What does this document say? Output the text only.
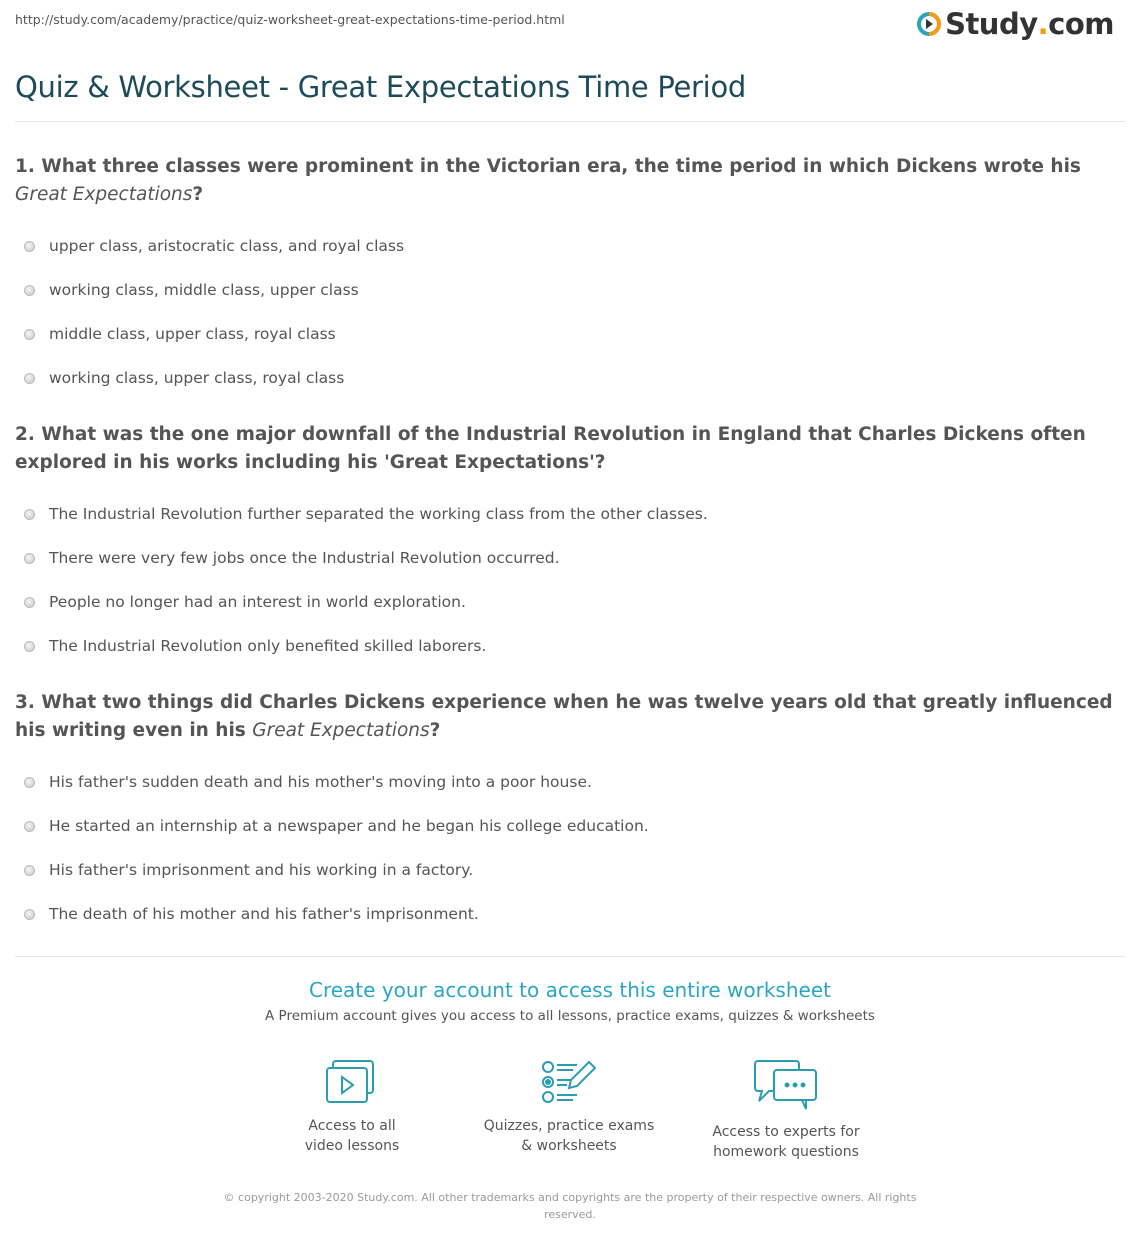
http://study.com/academy/practice/quiz-worksheet-great-expectations-time-period.html	Study . com
Quiz & Worksheet - Great Expectations Time Period

1. What three classes were prominent in the Victorian era, the time period in which Dickens wrote his Great Expectations?

upper class, aristocratic class, and royal class
working class, middle class, upper class
middle class, upper class, royal class
working class, upper class, royal class

2. What was the one major downfall of the Industrial Revolution in England that Charles Dickens often explored in his works including his 'Great Expectations'?

The Industrial Revolution further separated the working class from the other classes.
There were very few jobs once the Industrial Revolution occurred.
People no longer had an interest in world exploration.
The Industrial Revolution only benefited skilled laborers.

3. What two things did Charles Dickens experience when he was twelve years old that greatly influenced his writing even in his Great Expectations?

His father's sudden death and his mother's moving into a poor house.
He started an internship at a newspaper and he began his college education.
His father's imprisonment and his working in a factory.
The death of his mother and his father's imprisonment.
Create your account to access this entire worksheet
A Premium account gives you access to all lessons, practice exams, quizzes & worksheets
Access to all
video lessons
Quizzes, practice exams
& worksheets
Access to experts for
homework questions
© copyright 2003-2020 Study.com. All other trademarks and copyrights are the property of their respective owners. All rights reserved.
